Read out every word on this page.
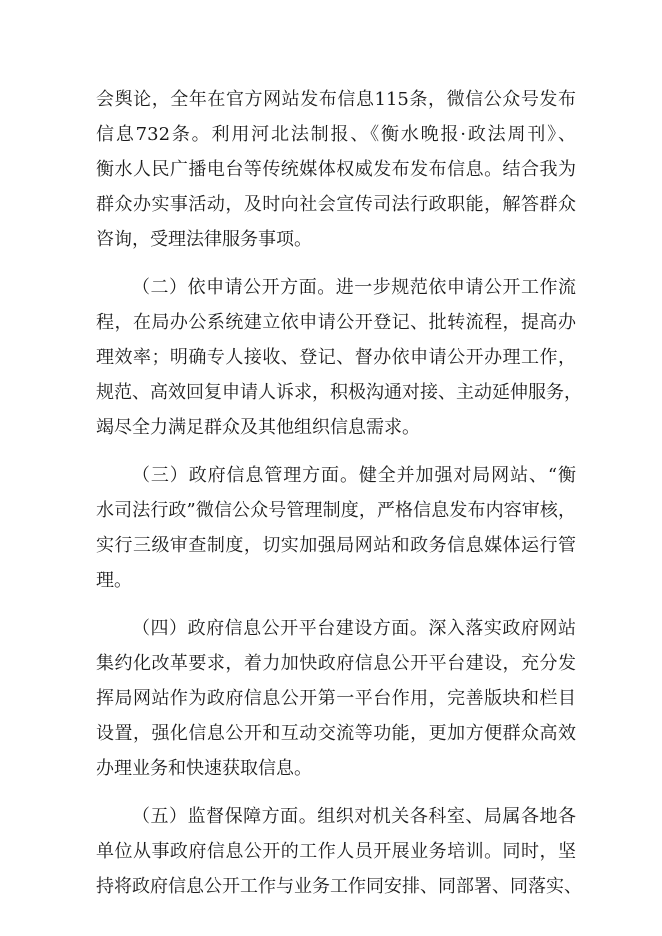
会舆论，全年在官方网站发布信息115条，微信公众号发布
信息732条。利用河北法制报、《衡水晚报·政法周刊》、
衡水人民广播电台等传统媒体权威发布发布信息。结合我为
群众办实事活动，及时向社会宣传司法行政职能，解答群众
咨询，受理法律服务事项。
（二）依申请公开方面。进一步规范依申请公开工作流
程，在局办公系统建立依申请公开登记、批转流程，提高办
理效率；明确专人接收、登记、督办依申请公开办理工作，
规范、高效回复申请人诉求，积极沟通对接、主动延伸服务，
竭尽全力满足群众及其他组织信息需求。
（三）政府信息管理方面。健全并加强对局网站、“衡
水司法行政”微信公众号管理制度，严格信息发布内容审核，
实行三级审查制度，切实加强局网站和政务信息媒体运行管
理。
（四）政府信息公开平台建设方面。深入落实政府网站
集约化改革要求，着力加快政府信息公开平台建设，充分发
挥局网站作为政府信息公开第一平台作用，完善版块和栏目
设置，强化信息公开和互动交流等功能，更加方便群众高效
办理业务和快速获取信息。
（五）监督保障方面。组织对机关各科室、局属各地各
单位从事政府信息公开的工作人员开展业务培训。同时，坚
持将政府信息公开工作与业务工作同安排、同部署、同落实、
